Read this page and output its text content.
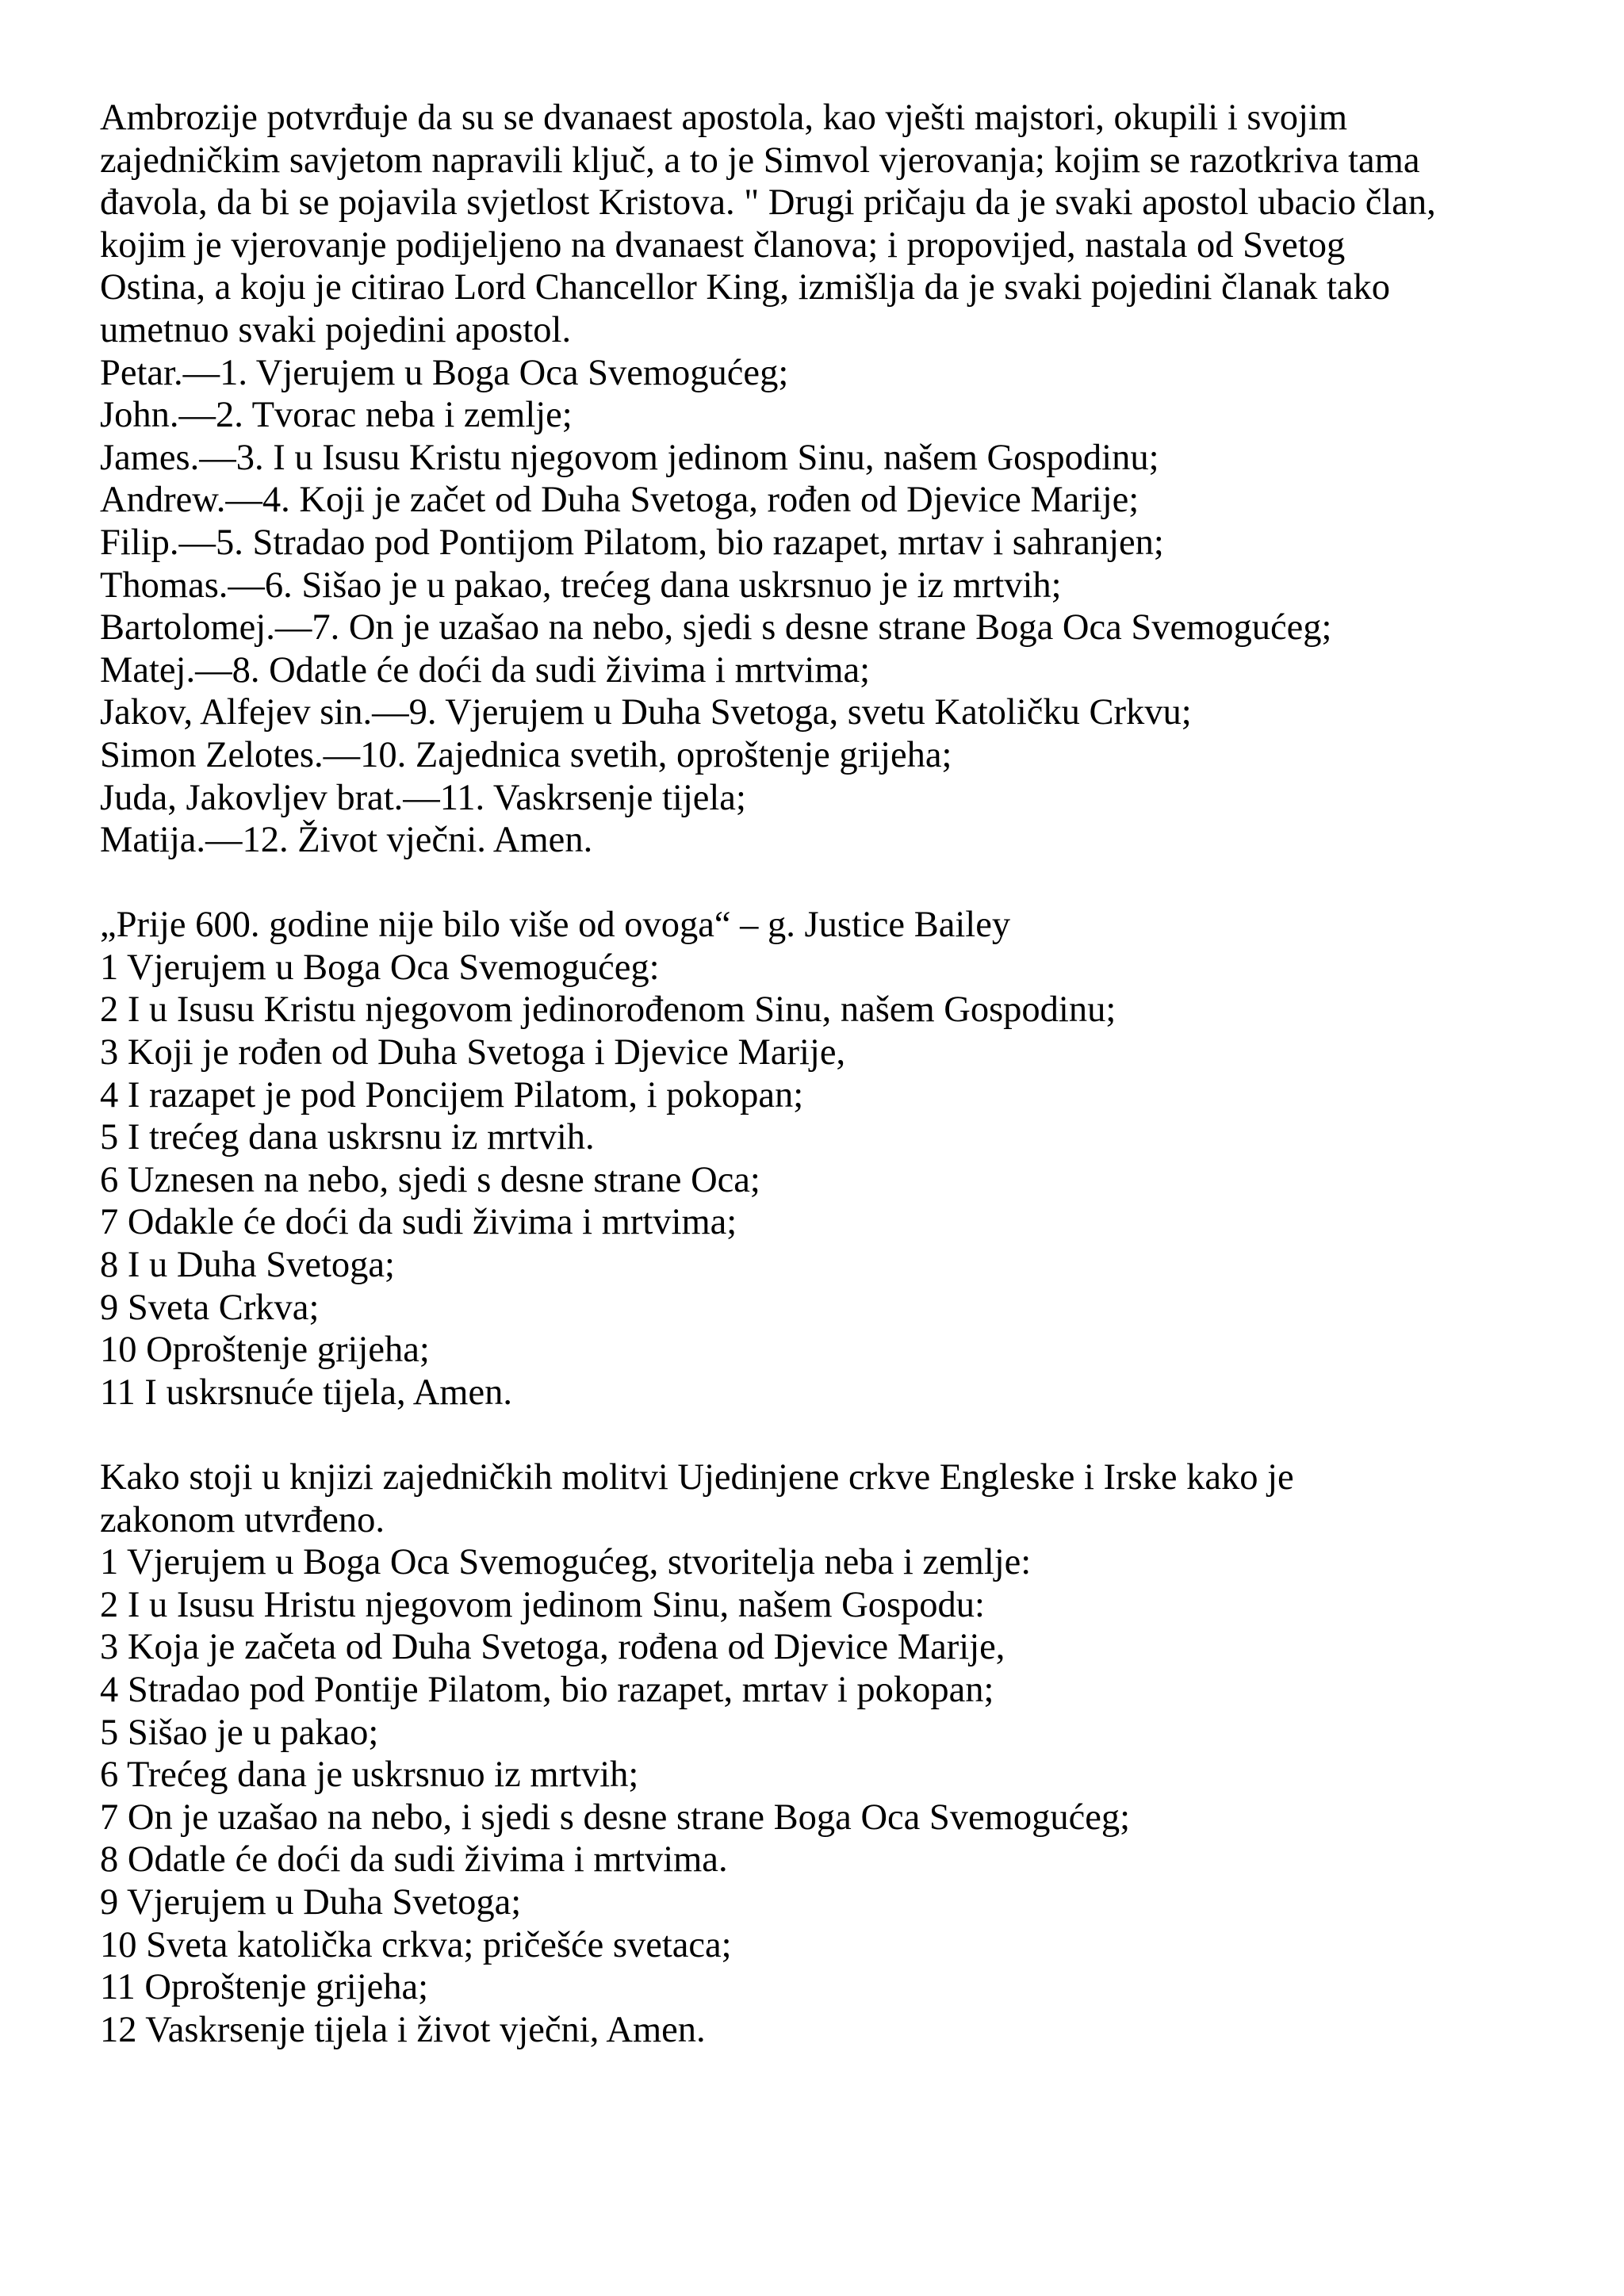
Ambrozije potvrđuje da su se dvanaest apostola, kao vješti majstori, okupili i svojim
zajedničkim savjetom napravili ključ, a to je Simvol vjerovanja; kojim se razotkriva tama
đavola, da bi se pojavila svjetlost Kristova. " Drugi pričaju da je svaki apostol ubacio član,
kojim je vjerovanje podijeljeno na dvanaest članova; i propovijed, nastala od Svetog
Ostina, a koju je citirao Lord Chancellor King, izmišlja da je svaki pojedini članak tako
umetnuo svaki pojedini apostol.
Petar.—1. Vjerujem u Boga Oca Svemogućeg;
John.—2. Tvorac neba i zemlje;
James.—3. I u Isusu Kristu njegovom jedinom Sinu, našem Gospodinu;
Andrew.—4. Koji je začet od Duha Svetoga, rođen od Djevice Marije;
Filip.—5. Stradao pod Pontijom Pilatom, bio razapet, mrtav i sahranjen;
Thomas.—6. Sišao je u pakao, trećeg dana uskrsnuo je iz mrtvih;
Bartolomej.—7. On je uzašao na nebo, sjedi s desne strane Boga Oca Svemogućeg;
Matej.—8. Odatle će doći da sudi živima i mrtvima;
Jakov, Alfejev sin.—9. Vjerujem u Duha Svetoga, svetu Katoličku Crkvu;
Simon Zelotes.—10. Zajednica svetih, oproštenje grijeha;
Juda, Jakovljev brat.—11. Vaskrsenje tijela;
Matija.—12. Život vječni. Amen.
„Prije 600. godine nije bilo više od ovoga“ – g. Justice Bailey
1 Vjerujem u Boga Oca Svemogućeg:
2 I u Isusu Kristu njegovom jedinorođenom Sinu, našem Gospodinu;
3 Koji je rođen od Duha Svetoga i Djevice Marije,
4 I razapet je pod Poncijem Pilatom, i pokopan;
5 I trećeg dana uskrsnu iz mrtvih.
6 Uznesen na nebo, sjedi s desne strane Oca;
7 Odakle će doći da sudi živima i mrtvima;
8 I u Duha Svetoga;
9 Sveta Crkva;
10 Oproštenje grijeha;
11 I uskrsnuće tijela, Amen.
Kako stoji u knjizi zajedničkih molitvi Ujedinjene crkve Engleske i Irske kako je
zakonom utvrđeno.
1 Vjerujem u Boga Oca Svemogućeg, stvoritelja neba i zemlje:
2 I u Isusu Hristu njegovom jedinom Sinu, našem Gospodu:
3 Koja je začeta od Duha Svetoga, rođena od Djevice Marije,
4 Stradao pod Pontije Pilatom, bio razapet, mrtav i pokopan;
5 Sišao je u pakao;
6 Trećeg dana je uskrsnuo iz mrtvih;
7 On je uzašao na nebo, i sjedi s desne strane Boga Oca Svemogućeg;
8 Odatle će doći da sudi živima i mrtvima.
9 Vjerujem u Duha Svetoga;
10 Sveta katolička crkva; pričešće svetaca;
11 Oproštenje grijeha;
12 Vaskrsenje tijela i život vječni, Amen.
